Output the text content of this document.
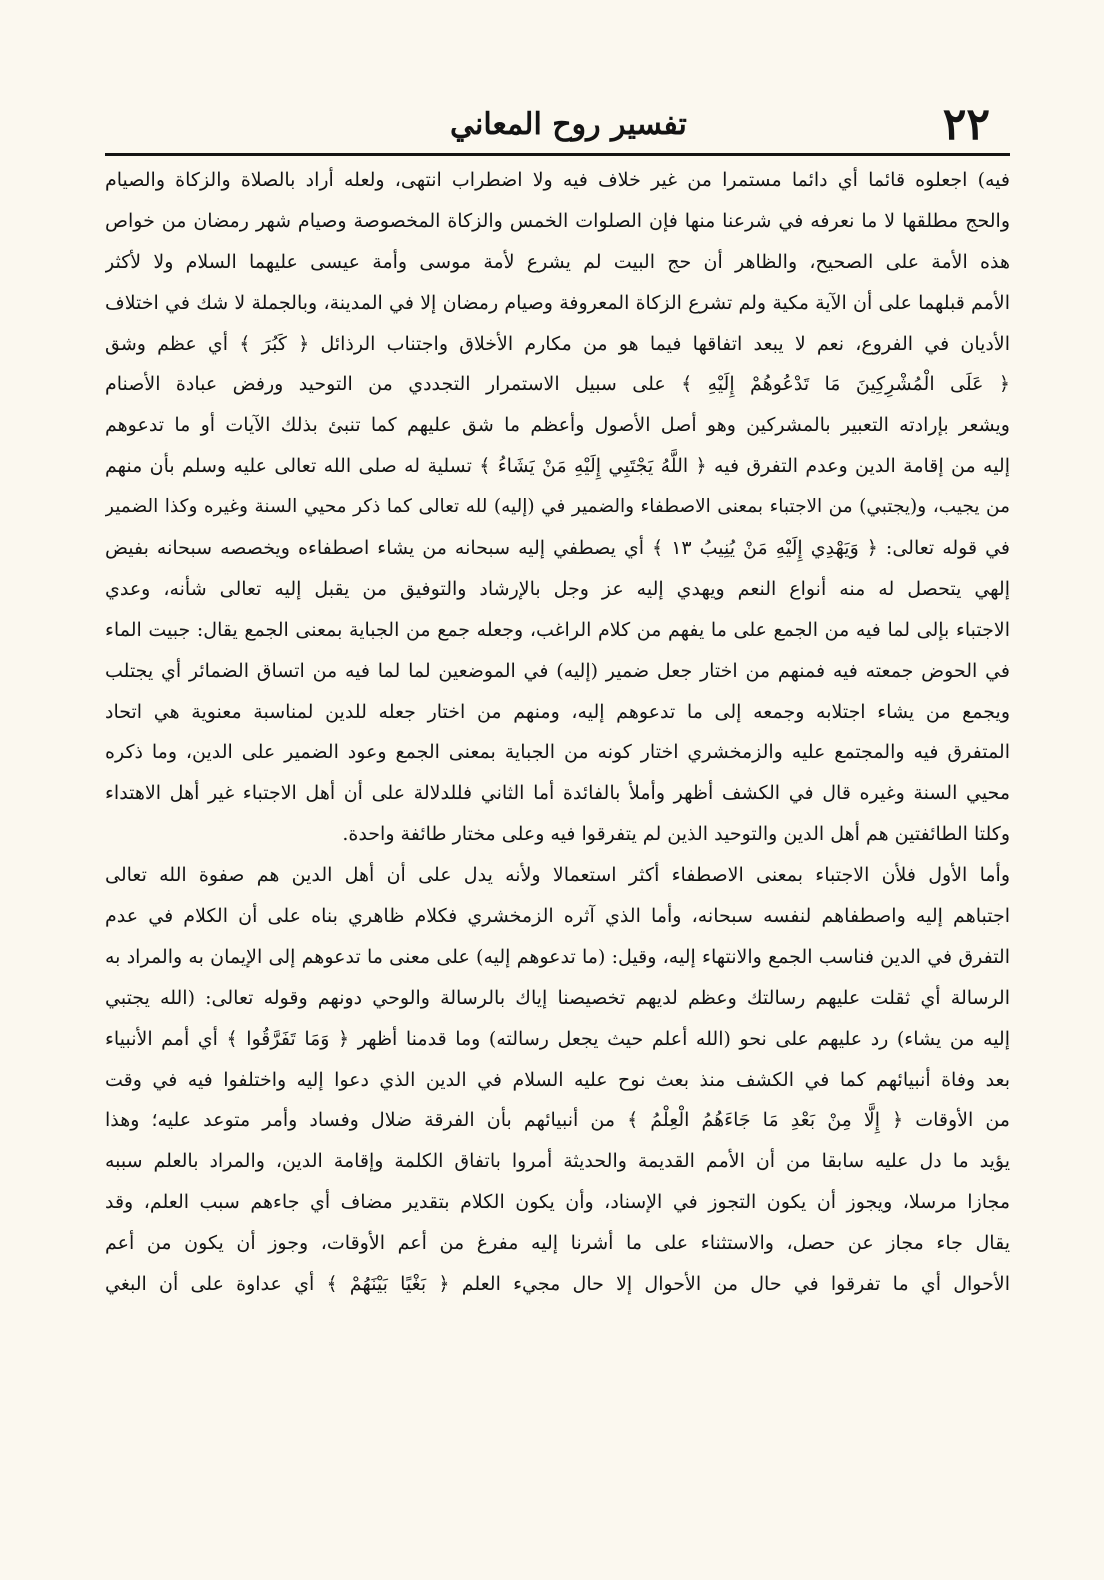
تفسير روح المعاني	٢٢
فيه) اجعلوه قائما أي دائما مستمرا من غير خلاف فيه ولا اضطراب انتهى، ولعله أراد بالصلاة والزكاة والصيام
والحج مطلقها لا ما نعرفه في شرعنا منها فإن الصلوات الخمس والزكاة المخصوصة وصيام شهر رمضان من خواص
هذه الأمة على الصحيح، والظاهر أن حج البيت لم يشرع لأمة موسى وأمة عيسى عليهما السلام ولا لأكثر
الأمم قبلهما على أن الآية مكية ولم تشرع الزكاة المعروفة وصيام رمضان إلا في المدينة، وبالجملة لا شك في اختلاف
الأديان في الفروع، نعم لا يبعد اتفاقها فيما هو من مكارم الأخلاق واجتناب الرذائل ﴿ كَبُرَ ﴾ أي عظم وشق
﴿ عَلَى الْمُشْرِكِينَ مَا تَدْعُوهُمْ إِلَيْهِ ﴾ على سبيل الاستمرار التجددي من التوحيد ورفض عبادة الأصنام
ويشعر بإرادته التعبير بالمشركين وهو أصل الأصول وأعظم ما شق عليهم كما تنبئ بذلك الآيات أو ما تدعوهم
إليه من إقامة الدين وعدم التفرق فيه ﴿ اللَّهُ يَجْتَبِي إِلَيْهِ مَنْ يَشَاءُ ﴾ تسلية له صلى الله تعالى عليه وسلم بأن منهم
من يجيب، و(يجتبي) من الاجتباء بمعنى الاصطفاء والضمير في (إليه) لله تعالى كما ذكر محيي السنة وغيره وكذا الضمير
في قوله تعالى: ﴿ وَيَهْدِي إِلَيْهِ مَنْ يُنِيبُ ١٣ ﴾ أي يصطفي إليه سبحانه من يشاء اصطفاءه ويخصصه سبحانه بفيض
إلهي يتحصل له منه أنواع النعم ويهدي إليه عز وجل بالإرشاد والتوفيق من يقبل إليه تعالى شأنه، وعدي
الاجتباء بإلى لما فيه من الجمع على ما يفهم من كلام الراغب، وجعله جمع من الجباية بمعنى الجمع يقال: جبيت الماء
في الحوض جمعته فيه فمنهم من اختار جعل ضمير (إليه) في الموضعين لما لما فيه من اتساق الضمائر أي يجتلب
ويجمع من يشاء اجتلابه وجمعه إلى ما تدعوهم إليه، ومنهم من اختار جعله للدين لمناسبة معنوية هي اتحاد
المتفرق فيه والمجتمع عليه والزمخشري اختار كونه من الجباية بمعنى الجمع وعود الضمير على الدين، وما ذكره
محيي السنة وغيره قال في الكشف أظهر وأملأ بالفائدة أما الثاني فللدلالة على أن أهل الاجتباء غير أهل الاهتداء
وكلتا الطائفتين هم أهل الدين والتوحيد الذين لم يتفرقوا فيه وعلى مختار طائفة واحدة.
وأما الأول فلأن الاجتباء بمعنى الاصطفاء أكثر استعمالا ولأنه يدل على أن أهل الدين هم صفوة الله تعالى
اجتباهم إليه واصطفاهم لنفسه سبحانه، وأما الذي آثره الزمخشري فكلام ظاهري بناه على أن الكلام في عدم
التفرق في الدين فناسب الجمع والانتهاء إليه، وقيل: (ما تدعوهم إليه) على معنى ما تدعوهم إلى الإيمان به والمراد به
الرسالة أي ثقلت عليهم رسالتك وعظم لديهم تخصيصنا إياك بالرسالة والوحي دونهم وقوله تعالى: (الله يجتبي
إليه من يشاء) رد عليهم على نحو (الله أعلم حيث يجعل رسالته) وما قدمنا أظهر ﴿ وَمَا تَفَرَّقُوا ﴾ أي أمم الأنبياء
بعد وفاة أنبيائهم كما في الكشف منذ بعث نوح عليه السلام في الدين الذي دعوا إليه واختلفوا فيه في وقت
من الأوقات ﴿ إِلَّا مِنْ بَعْدِ مَا جَاءَهُمُ الْعِلْمُ ﴾ من أنبيائهم بأن الفرقة ضلال وفساد وأمر متوعد عليه؛ وهذا
يؤيد ما دل عليه سابقا من أن الأمم القديمة والحديثة أمروا باتفاق الكلمة وإقامة الدين، والمراد بالعلم سببه
مجازا مرسلا، ويجوز أن يكون التجوز في الإسناد، وأن يكون الكلام بتقدير مضاف أي جاءهم سبب العلم، وقد
يقال جاء مجاز عن حصل، والاستثناء على ما أشرنا إليه مفرغ من أعم الأوقات، وجوز أن يكون من أعم
الأحوال أي ما تفرقوا في حال من الأحوال إلا حال مجيء العلم ﴿ بَغْيًا بَيْنَهُمْ ﴾ أي عداوة على أن البغي
